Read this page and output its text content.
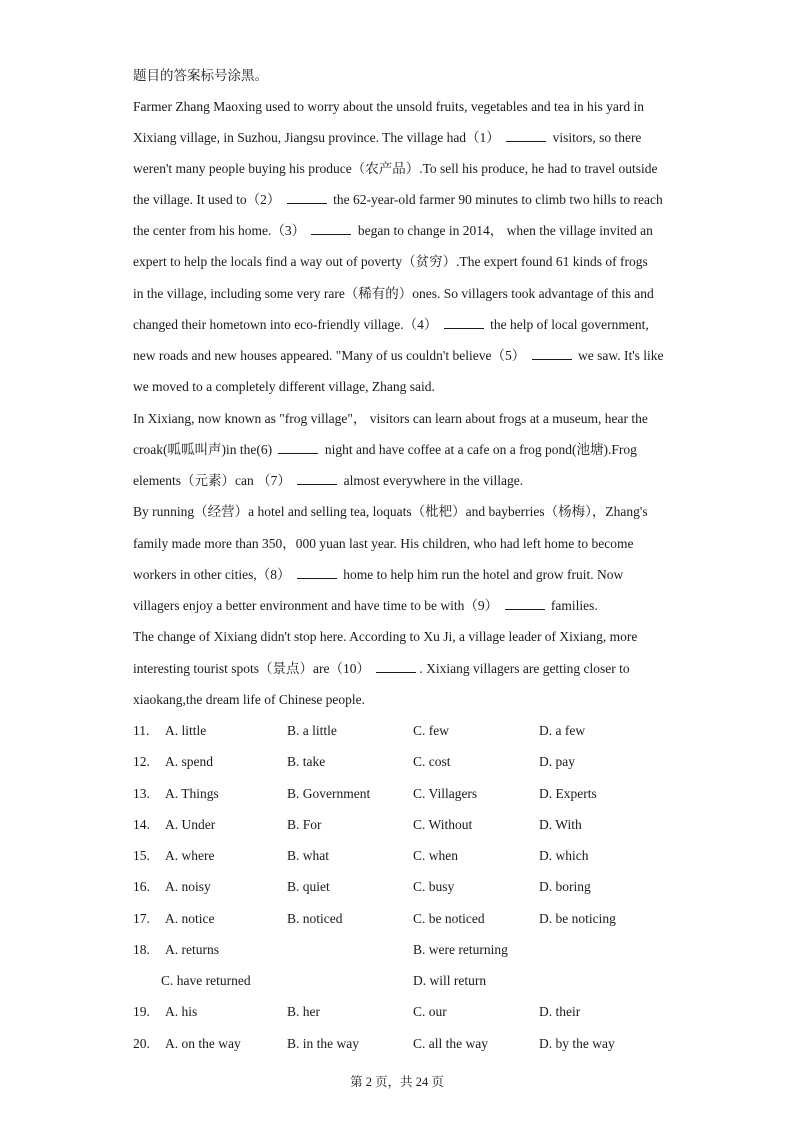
题目的答案标号涂黑。
Farmer Zhang Maoxing used to worry about the unsold fruits, vegetables and tea in his yard in
Xixiang village, in Suzhou, Jiangsu province. The village had（1）	visitors, so there
weren't many people buying his produce（农产品）.To sell his produce, he had to travel outside
the village. It used to（2）	the 62-year-old farmer 90 minutes to climb two hills to reach
the center from his home.（3）	began to change in 2014， when the village invited an
expert to help the locals find a way out of poverty（贫穷）.The expert found 61 kinds of frogs
in the village, including some very rare（稀有的）ones. So villagers took advantage of this and
changed their hometown into eco-friendly village.（4）	the help of local government,
new roads and new houses appeared. "Many of us couldn't believe（5）	we saw. It's like
we moved to a completely different village, Zhang said.
In Xixiang, now known as "frog village"， visitors can learn about frogs at a museum, hear the
croak(呱呱叫声)in the(6)	night and have coffee at a cafe on a frog pond(池塘).Frog
elements（元素）can （7）	almost everywhere in the village.
By running（经营）a hotel and selling tea, loquats（枇杷）and bayberries（杨梅），Zhang's
family made more than 350，000 yuan last year. His children, who had left home to become
workers in other cities,（8）	home to help him run the hotel and grow fruit. Now
villagers enjoy a better environment and have time to be with（9）	families.
The change of Xixiang didn't stop here. According to Xu Ji, a village leader of Xixiang, more
interesting tourist spots（景点）are（10）	. Xixiang villagers are getting closer to
xiaokang,the dream life of Chinese people.
11.	A. little	B. a little	C. few	D. a few
12.	A. spend	B. take	C. cost	D. pay
13.	A. Things	B. Government	C. Villagers	D. Experts
14.	A. Under	B. For	C. Without	D. With
15.	A. where	B. what	C. when	D. which
16.	A. noisy	B. quiet	C. busy	D. boring
17.	A. notice	B. noticed	C. be noticed	D. be noticing
18.	A. returns	B. were returning
C. have returned	D. will return
19.	A. his	B. her	C. our	D. their
20.	A. on the way	B. in the way	C. all the way	D. by the way
第 2 页，共 24 页
